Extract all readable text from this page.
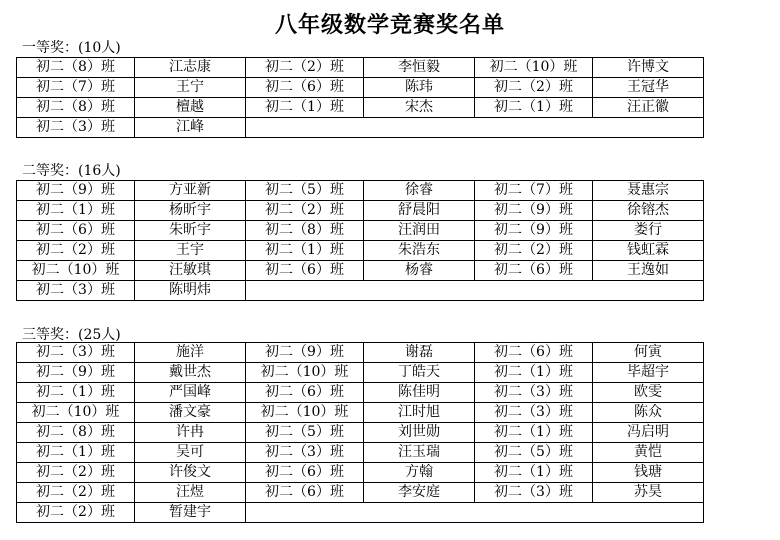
八年级数学竞赛奖名单
一等奖：(10人)
初二（8）班	江志康	初二（2）班	李恒毅	初二（10）班	许博文
初二（7）班	王宁	初二（6）班	陈玮	初二（2）班	王冠华
初二（8）班	檀越	初二（1）班	宋杰	初二（1）班	汪正徽
初二（3）班	江峰				
二等奖：(16人)
初二（9）班	方亚新	初二（5）班	徐睿	初二（7）班	聂惠宗
初二（1）班	杨昕宇	初二（2）班	舒晨阳	初二（9）班	徐镕杰
初二（6）班	朱昕宇	初二（8）班	汪润田	初二（9）班	娄行
初二（2）班	王宇	初二（1）班	朱浩东	初二（2）班	钱虹霖
初二（10）班	汪敏琪	初二（6）班	杨睿	初二（6）班	王逸如
初二（3）班	陈明炜				
三等奖：(25人)
初二（3）班	施洋	初二（9）班	谢磊	初二（6）班	何寅
初二（9）班	戴世杰	初二（10）班	丁皓天	初二（1）班	毕超宇
初二（1）班	严国峰	初二（6）班	陈佳明	初二（3）班	欧雯
初二（10）班	潘文豪	初二（10）班	江时旭	初二（3）班	陈众
初二（8）班	许冉	初二（5）班	刘世勋	初二（1）班	冯启明
初二（1）班	吴可	初二（3）班	汪玉瑞	初二（5）班	黄恺
初二（2）班	许俊文	初二（6）班	方翰	初二（1）班	钱瑭
初二（2）班	汪煜	初二（6）班	李安庭	初二（3）班	苏昊
初二（2）班	暂建宇				
